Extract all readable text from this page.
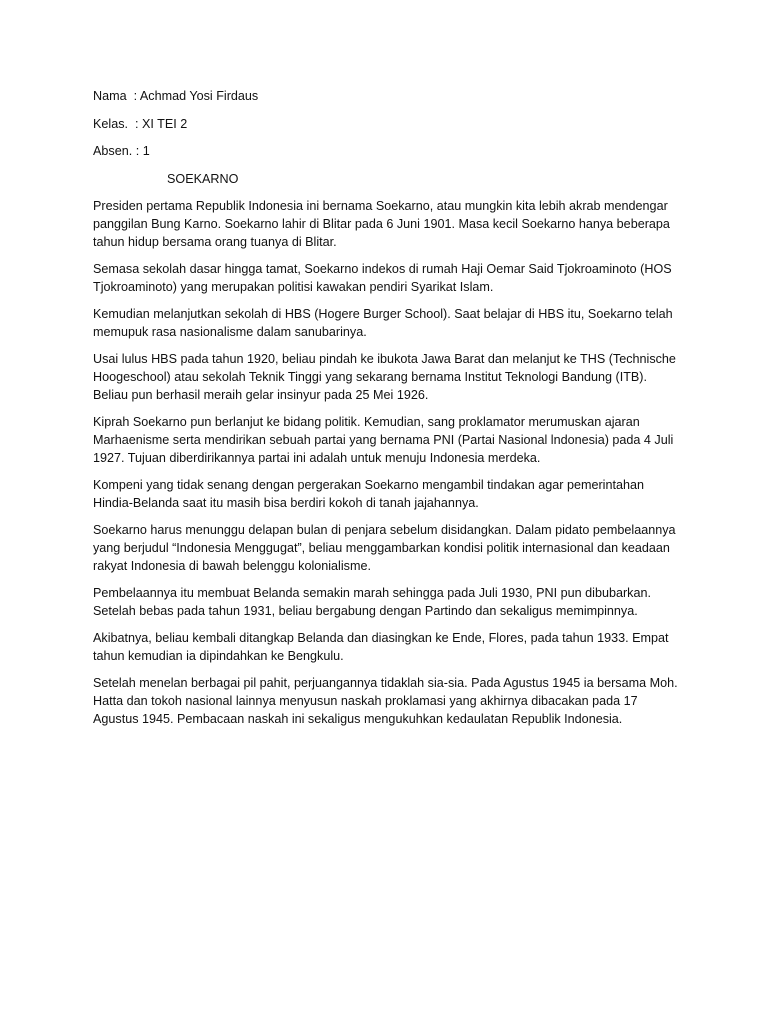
Nama  : Achmad Yosi Firdaus
Kelas.  : XI TEI 2
Absen. : 1
SOEKARNO

Presiden pertama Republik Indonesia ini bernama Soekarno, atau mungkin kita lebih akrab mendengar panggilan Bung Karno. Soekarno lahir di Blitar pada 6 Juni 1901. Masa kecil Soekarno hanya beberapa tahun hidup bersama orang tuanya di Blitar.

Semasa sekolah dasar hingga tamat, Soekarno indekos di rumah Haji Oemar Said Tjokroaminoto (HOS Tjokroaminoto) yang merupakan politisi kawakan pendiri Syarikat Islam.

Kemudian melanjutkan sekolah di HBS (Hogere Burger School). Saat belajar di HBS itu, Soekarno telah memupuk rasa nasionalisme dalam sanubarinya.

Usai lulus HBS pada tahun 1920, beliau pindah ke ibukota Jawa Barat dan melanjut ke THS (Technische Hoogeschool) atau sekolah Teknik Tinggi yang sekarang bernama Institut Teknologi Bandung (ITB). Beliau pun berhasil meraih gelar insinyur pada 25 Mei 1926.

Kiprah Soekarno pun berlanjut ke bidang politik. Kemudian, sang proklamator merumuskan ajaran Marhaenisme serta mendirikan sebuah partai yang bernama PNI (Partai Nasional lndonesia) pada 4 Juli 1927. Tujuan diberdirikannya partai ini adalah untuk menuju Indonesia merdeka.

Kompeni yang tidak senang dengan pergerakan Soekarno mengambil tindakan agar pemerintahan Hindia-Belanda saat itu masih bisa berdiri kokoh di tanah jajahannya.

Soekarno harus menunggu delapan bulan di penjara sebelum disidangkan. Dalam pidato pembelaannya yang berjudul “Indonesia Menggugat”, beliau menggambarkan kondisi politik internasional dan keadaan rakyat Indonesia di bawah belenggu kolonialisme.

Pembelaannya itu membuat Belanda semakin marah sehingga pada Juli 1930, PNI pun dibubarkan. Setelah bebas pada tahun 1931, beliau bergabung dengan Partindo dan sekaligus memimpinnya.

Akibatnya, beliau kembali ditangkap Belanda dan diasingkan ke Ende, Flores, pada tahun 1933. Empat tahun kemudian ia dipindahkan ke Bengkulu.

Setelah menelan berbagai pil pahit, perjuangannya tidaklah sia-sia. Pada Agustus 1945 ia bersama Moh. Hatta dan tokoh nasional lainnya menyusun naskah proklamasi yang akhirnya dibacakan pada 17 Agustus 1945. Pembacaan naskah ini sekaligus mengukuhkan kedaulatan Republik Indonesia.
